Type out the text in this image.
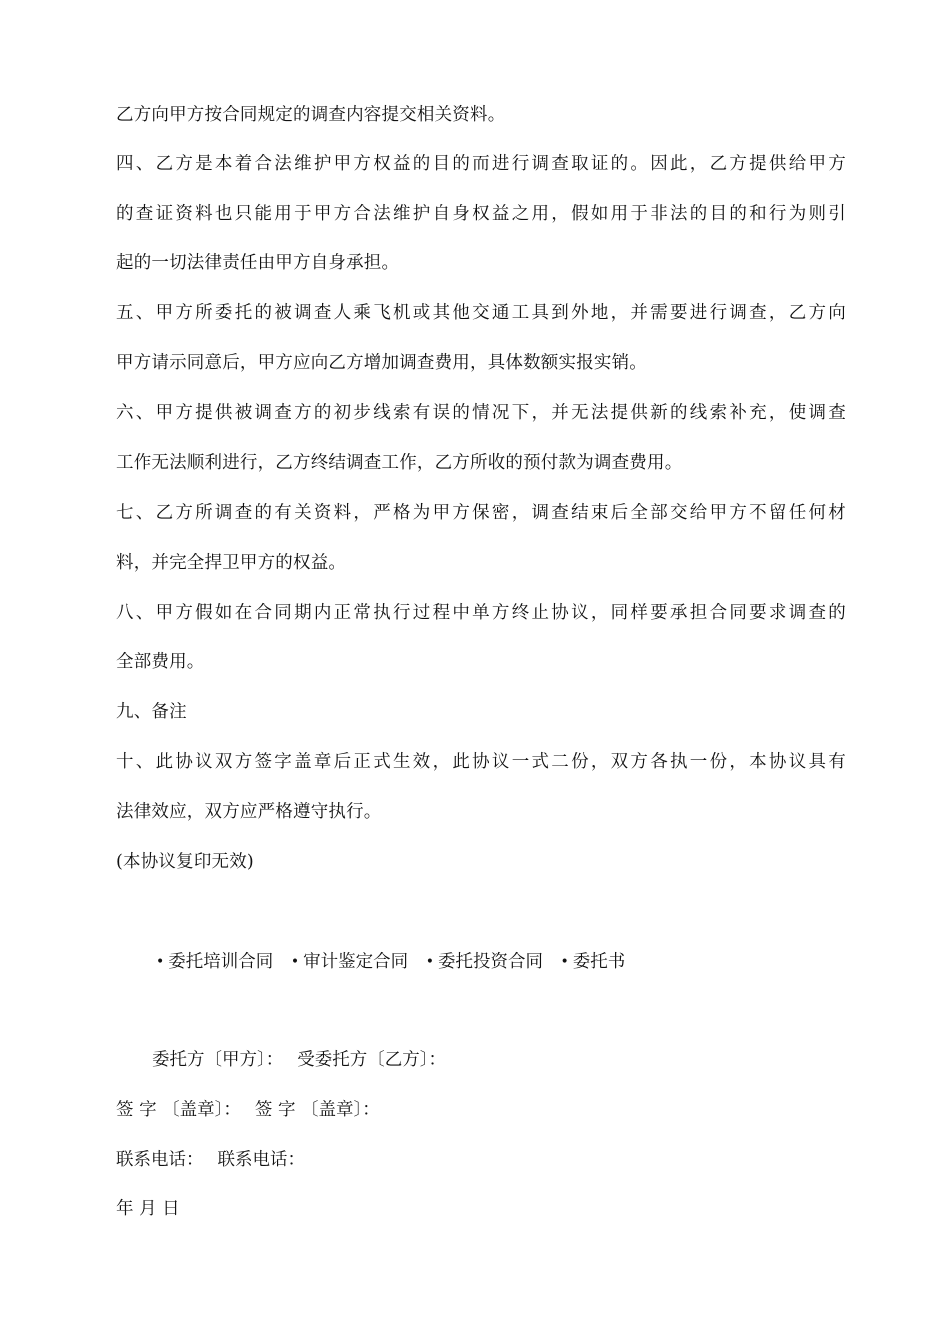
乙方向甲方按合同规定的调查内容提交相关资料。
四、乙方是本着合法维护甲方权益的目的而进行调查取证的。因此，乙方提供给甲方
的查证资料也只能用于甲方合法维护自身权益之用，假如用于非法的目的和行为则引
起的一切法律责任由甲方自身承担。
五、甲方所委托的被调查人乘飞机或其他交通工具到外地，并需要进行调查，乙方向
甲方请示同意后，甲方应向乙方增加调查费用，具体数额实报实销。
六、甲方提供被调查方的初步线索有误的情况下，并无法提供新的线索补充，使调查
工作无法顺利进行，乙方终结调查工作，乙方所收的预付款为调查费用。
七、乙方所调查的有关资料，严格为甲方保密，调查结束后全部交给甲方不留任何材
料，并完全捍卫甲方的权益。
八、甲方假如在合同期内正常执行过程中单方终止协议，同样要承担合同要求调查的
全部费用。
九、备注
十、此协议双方签字盖章后正式生效，此协议一式二份，双方各执一份，本协议具有
法律效应，双方应严格遵守执行。
(本协议复印无效)
• 委托培训合同 • 审计鉴定合同 • 委托投资合同 • 委托书
委托方〔甲方〕： 受委托方〔乙方〕：
签 字 〔盖章〕： 签 字 〔盖章〕：
联系电话： 联系电话：
年 月 日
